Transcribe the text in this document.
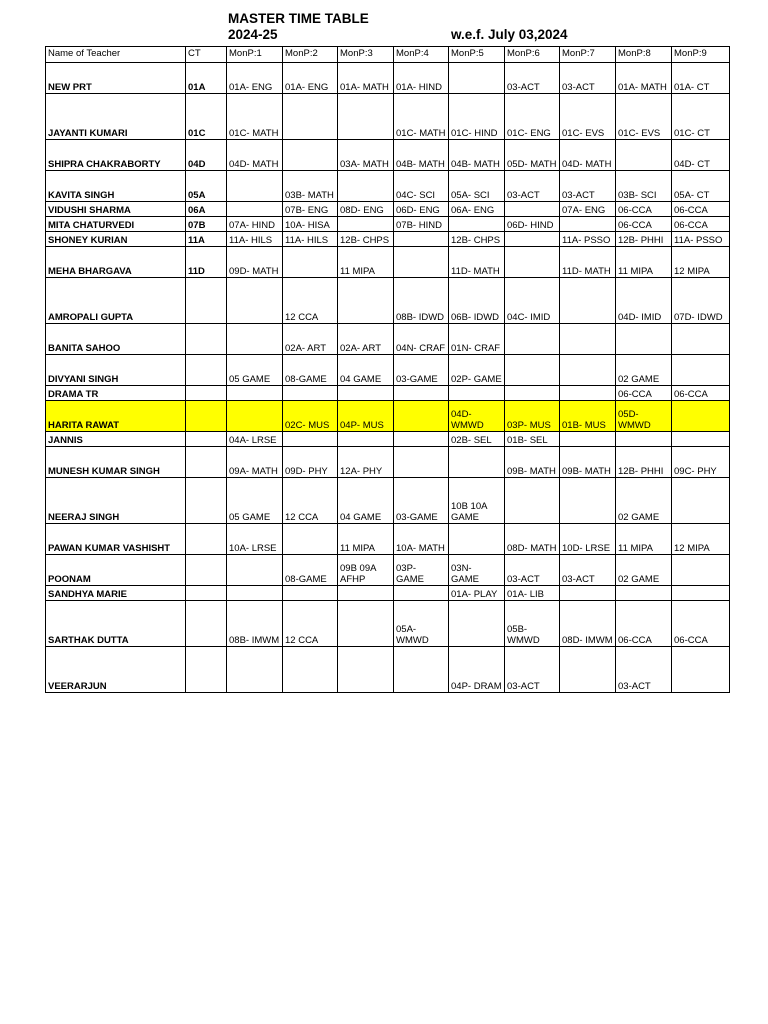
MASTER TIME TABLE
2024-25	w.e.f. July 03,2024
Name of Teacher	CT	MonP:1	MonP:2	MonP:3	MonP:4	MonP:5	MonP:6	MonP:7	MonP:8	MonP:9
NEW PRT	01A	01A- ENG	01A- ENG	01A- MATH	01A- HIND		03-ACT	03-ACT	01A- MATH	01A- CT

JAYANTI KUMARI	01C	01C- MATH			01C- MATH	01C- HIND	01C- ENG	01C- EVS	01C- EVS	01C- CT

SHIPRA CHAKRABORTY	04D	04D- MATH		03A- MATH	04B- MATH	04B- MATH	05D- MATH	04D- MATH		04D- CT

KAVITA SINGH	05A		03B- MATH		04C- SCI	05A- SCI	03-ACT	03-ACT	03B- SCI	05A- CT

VIDUSHI SHARMA	06A		07B- ENG	08D- ENG	06D- ENG	06A- ENG		07A- ENG	06-CCA	06-CCA

MITA CHATURVEDI	07B	07A- HIND	10A- HISA		07B- HIND		06D- HIND		06-CCA	06-CCA

SHONEY KURIAN	11A	11A- HILS	11A- HILS	12B- CHPS		12B- CHPS		11A- PSSO	12B- PHHI	11A- PSSO

MEHA BHARGAVA	11D	09D- MATH		11 MIPA		11D- MATH		11D- MATH	11 MIPA	12 MIPA

AMROPALI GUPTA			12 CCA		08B- IDWD	06B- IDWD	04C- IMID		04D- IMID	07D- IDWD

BANITA SAHOO			02A- ART	02A- ART	04N- CRAF	01N- CRAF				

DIVYANI SINGH		05 GAME	08-GAME	04 GAME	03-GAME	02P- GAME			02 GAME	

DRAMA TR									06-CCA	06-CCA

HARITA RAWAT			02C- MUS	04P- MUS		04D- WMWD	03P- MUS	01B- MUS	05D- WMWD	

JANNIS		04A- LRSE				02B- SEL	01B- SEL			

MUNESH KUMAR SINGH		09A- MATH	09D- PHY	12A- PHY			09B- MATH	09B- MATH	12B- PHHI	09C- PHY

NEERAJ SINGH		05 GAME	12 CCA	04 GAME	03-GAME	10B 10A GAME			02 GAME	

PAWAN KUMAR VASHISHT		10A- LRSE		11 MIPA	10A- MATH		08D- MATH	10D- LRSE	11 MIPA	12 MIPA

POONAM			08-GAME	09B 09A AFHP	03P- GAME	03N- GAME	03-ACT	03-ACT	02 GAME	

SANDHYA MARIE						01A- PLAY	01A- LIB			

SARTHAK DUTTA		08B- IMWM	12 CCA		05A- WMWD		05B- WMWD	08D- IMWM	06-CCA	06-CCA

VEERARJUN						04P- DRAM	03-ACT		03-ACT	
